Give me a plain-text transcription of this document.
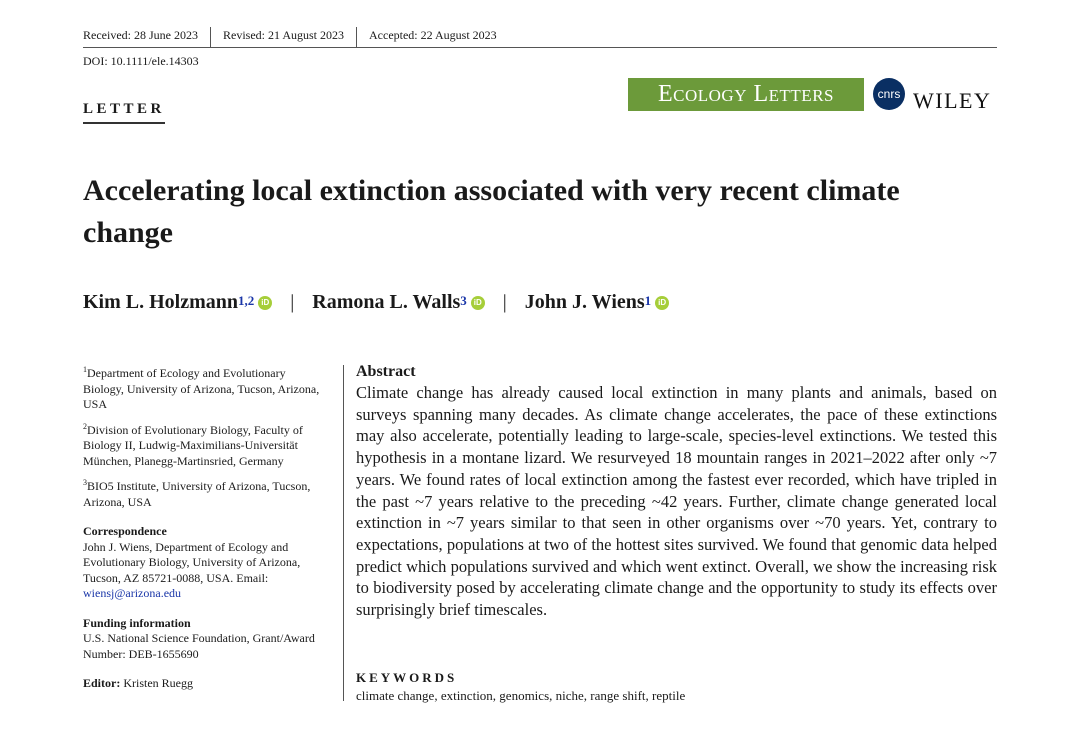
Received: 28 June 2023	Revised: 21 August 2023	Accepted: 22 August 2023
DOI: 10.1111/ele.14303
LETTER
Ecology Letters	cnrs WILEY
Accelerating local extinction associated with very recent climate change
Kim L. Holzmann$^{1,2}$ iD | Ramona L. Walls$^3$ iD | John J. Wiens$^1$ iD
$^1$Department of Ecology and Evolutionary Biology, University of Arizona, Tucson, Arizona, USA
$^2$Division of Evolutionary Biology, Faculty of Biology II, Ludwig-Maximilians-Universität München, Planegg-Martinsried, Germany
$^3$BIO5 Institute, University of Arizona, Tucson, Arizona, USA
Correspondence
John J. Wiens, Department of Ecology and Evolutionary Biology, University of Arizona, Tucson, AZ 85721-0088, USA. Email: wiensj@arizona.edu
Funding information
U.S. National Science Foundation, Grant/Award Number: DEB-1655690
Editor: Kristen Ruegg
Abstract
Climate change has already caused local extinction in many plants and animals, based on surveys spanning many decades. As climate change accelerates, the pace of these extinctions may also accelerate, potentially leading to large-scale, species-level extinctions. We tested this hypothesis in a montane lizard. We resurveyed 18 mountain ranges in 2021–2022 after only ~7 years. We found rates of local extinction among the fastest ever recorded, which have tripled in the past ~7 years relative to the preceding ~42 years. Further, climate change generated local extinction in ~7 years similar to that seen in other organisms over ~70 years. Yet, contrary to expectations, populations at two of the hottest sites survived. We found that genomic data helped predict which populations survived and which went extinct. Overall, we show the increasing risk to biodiversity posed by accelerating climate change and the opportunity to study its effects over surprisingly brief timescales.
KEYWORDS
climate change, extinction, genomics, niche, range shift, reptile
